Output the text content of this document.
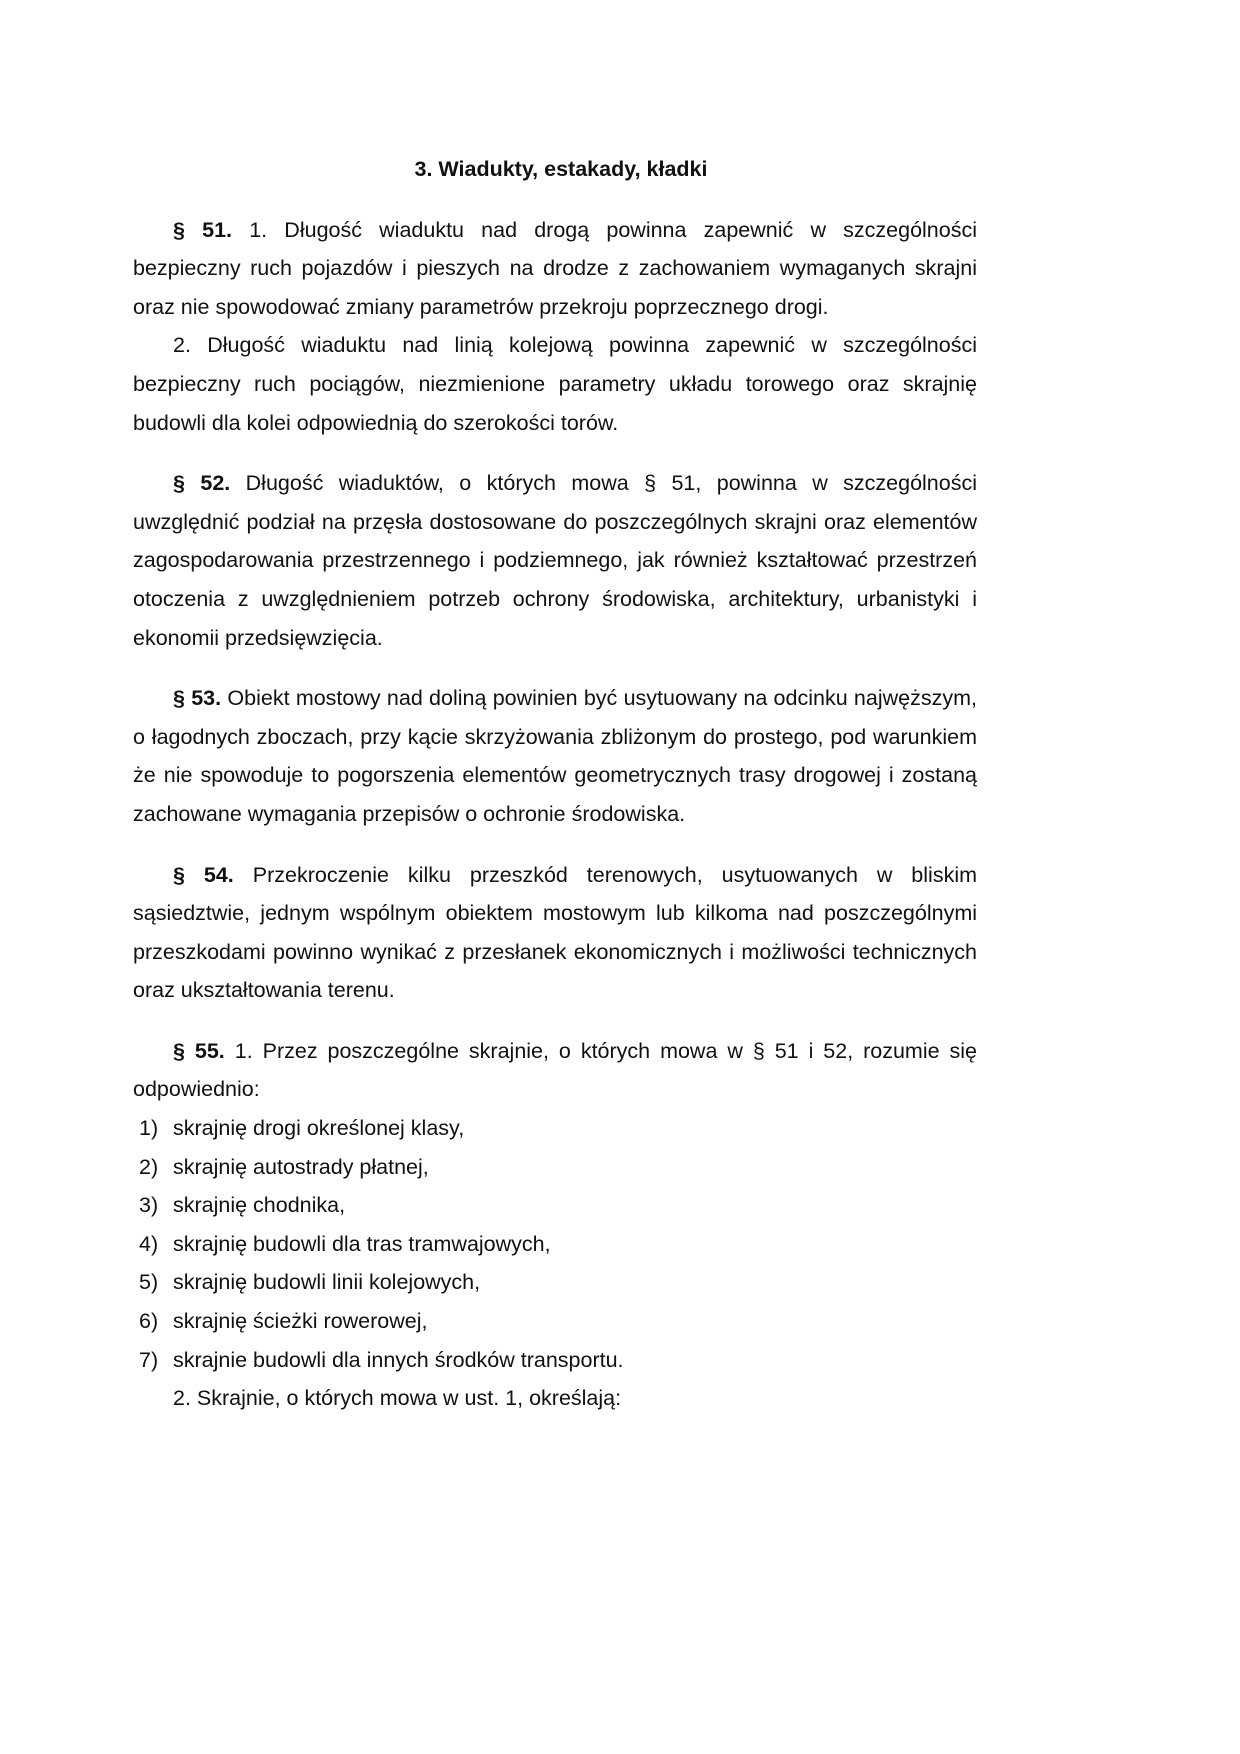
3. Wiadukty, estakady, kładki

§ 51. 1. Długość wiaduktu nad drogą powinna zapewnić w szczególności bezpieczny ruch pojazdów i pieszych na drodze z zachowaniem wymaganych skrajni oraz nie spowodować zmiany parametrów przekroju poprzecznego drogi.

2. Długość wiaduktu nad linią kolejową powinna zapewnić w szczególności bezpieczny ruch pociągów, niezmienione parametry układu torowego oraz skrajnię budowli dla kolei odpowiednią do szerokości torów.

§ 52. Długość wiaduktów, o których mowa § 51, powinna w szczególności uwzględnić podział na przęsła dostosowane do poszczególnych skrajni oraz elementów zagospodarowania przestrzennego i podziemnego, jak również kształtować przestrzeń otoczenia z uwzględnieniem potrzeb ochrony środowiska, architektury, urbanistyki i ekonomii przedsięwzięcia.

§ 53. Obiekt mostowy nad doliną powinien być usytuowany na odcinku najwęższym, o łagodnych zboczach, przy kącie skrzyżowania zbliżonym do prostego, pod warunkiem że nie spowoduje to pogorszenia elementów geometrycznych trasy drogowej i zostaną zachowane wymagania przepisów o ochronie środowiska.

§ 54. Przekroczenie kilku przeszkód terenowych, usytuowanych w bliskim sąsiedztwie, jednym wspólnym obiektem mostowym lub kilkoma nad poszczególnymi przeszkodami powinno wynikać z przesłanek ekonomicznych i możliwości technicznych oraz ukształtowania terenu.

§ 55. 1. Przez poszczególne skrajnie, o których mowa w § 51 i 52, rozumie się odpowiednio:

1) skrajnię drogi określonej klasy,
2) skrajnię autostrady płatnej,
3) skrajnię chodnika,
4) skrajnię budowli dla tras tramwajowych,
5) skrajnię budowli linii kolejowych,
6) skrajnię ścieżki rowerowej,
7) skrajnie budowli dla innych środków transportu.

2. Skrajnie, o których mowa w ust. 1, określają:
